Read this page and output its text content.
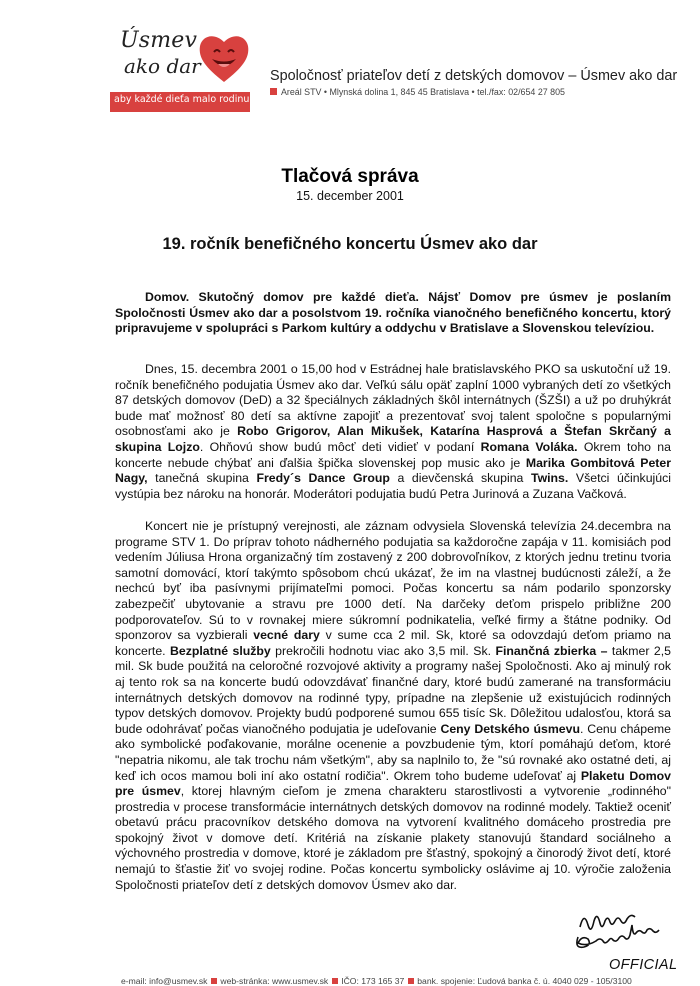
Úsmev
ako dar
aby každé dieťa malo rodinu...
Spoločnosť priateľov detí z detských domovov – Úsmev ako dar
Areál STV • Mlynská dolina 1, 845 45 Bratislava • tel./fax: 02/654 27 805
Tlačová správa
15. december 2001
19. ročník benefičného koncertu Úsmev ako dar

Domov. Skutočný domov pre každé dieťa. Nájsť Domov pre úsmev je poslaním Spoločnosti Úsmev ako dar a posolstvom 19. ročníka vianočného benefičného koncertu, ktorý pripravujeme v spolupráci s Parkom kultúry a oddychu v Bratislave a Slovenskou televíziou.

Dnes, 15. decembra 2001 o 15,00 hod v Estrádnej hale bratislavského PKO sa uskutoční už 19. ročník benefičného podujatia Úsmev ako dar. Veľkú sálu opäť zaplní 1000 vybraných detí zo všetkých 87 detských domovov (DeD) a 32 špeciálnych základných škôl internátnych (ŠZŠI) a už po druhýkrát bude mať možnosť 80 detí sa aktívne zapojiť a prezentovať svoj talent spoločne s popularnými osobnosťami ako je Robo Grigorov, Alan Mikušek, Katarína Hasprová a Štefan Skrčaný a skupina Lojzo. Ohňovú show budú môcť deti vidieť v podaní Romana Voláka. Okrem toho na koncerte nebude chýbať ani ďalšia špička slovenskej pop music ako je Marika Gombitová Peter Nagy, tanečná skupina Fredy´s Dance Group a dievčenská skupina Twins. Všetci účinkujúci vystúpia bez nároku na honorár. Moderátori podujatia budú Petra Jurinová a Zuzana Vačková.

Koncert nie je prístupný verejnosti, ale záznam odvysiela Slovenská televízia 24.decembra na programe STV 1. Do príprav tohoto nádherného podujatia sa každoročne zapája v 11. komisiách pod vedením Júliusa Hrona organizačný tím zostavený z 200 dobrovoľníkov, z ktorých jednu tretinu tvoria samotní domovácí, ktorí takýmto spôsobom chcú ukázať, že im na vlastnej budúcnosti záleží, a že nechcú byť iba pasívnymi prijímateľmi pomoci. Počas koncertu sa nám podarilo sponzorsky zabezpečiť ubytovanie a stravu pre 1000 detí. Na darčeky deťom prispelo približne 200 podporovateľov. Sú to v rovnakej miere súkromní podnikatelia, veľké firmy a štátne podniky. Od sponzorov sa vyzbierali vecné dary v sume cca 2 mil. Sk, ktoré sa odovzdajú deťom priamo na koncerte. Bezplatné služby prekročili hodnotu viac ako 3,5 mil. Sk. Finančná zbierka – takmer 2,5 mil. Sk bude použitá na celoročné rozvojové aktivity a programy našej Spoločnosti. Ako aj minulý rok aj tento rok sa na koncerte budú odovzdávať finančné dary, ktoré budú zamerané na transformáciu internátnych detských domovov na rodinné typy, prípadne na zlepšenie už existujúcich rodinných typov detských domovov. Projekty budú podporené sumou 655 tisíc Sk. Dôležitou udalosťou, ktorá sa bude odohrávať počas vianočného podujatia je udeľovanie Ceny Detského úsmevu. Cenu chápeme ako symbolické poďakovanie, morálne ocenenie a povzbudenie tým, ktorí pomáhajú deťom, ktoré "nepatria nikomu, ale tak trochu nám všetkým", aby sa naplnilo to, že "sú rovnaké ako ostatné deti, aj keď ich ocos mamou boli iní ako ostatní rodičia". Okrem toho budeme udeľovať aj Plaketu Domov pre úsmev, ktorej hlavným cieľom je zmena charakteru starostlivosti a vytvorenie „rodinného" prostredia v procese transformácie internátnych detských domovov na rodinné modely. Taktiež oceniť obetavú prácu pracovníkov detského domova na vytvorení kvalitného domáceho prostredia pre spokojný život v domove detí. Kritériá na získanie plakety stanovujú štandard sociálneho a výchovného prostredia v domove, ktoré je základom pre šťastný, spokojný a činorodý život detí, ktoré nemajú to šťastie žiť vo svojej rodine. Počas koncertu symbolicky oslávime aj 10. výročie založenia Spoločnosti priateľov detí z detských domovov Úsmev ako dar.

OFFICIAL
e-mail: info@usmev.sk web-stránka: www.usmev.sk IČO: 173 165 37 bank. spojenie: Ľudová banka č. ú. 4040 029 - 105/3100
